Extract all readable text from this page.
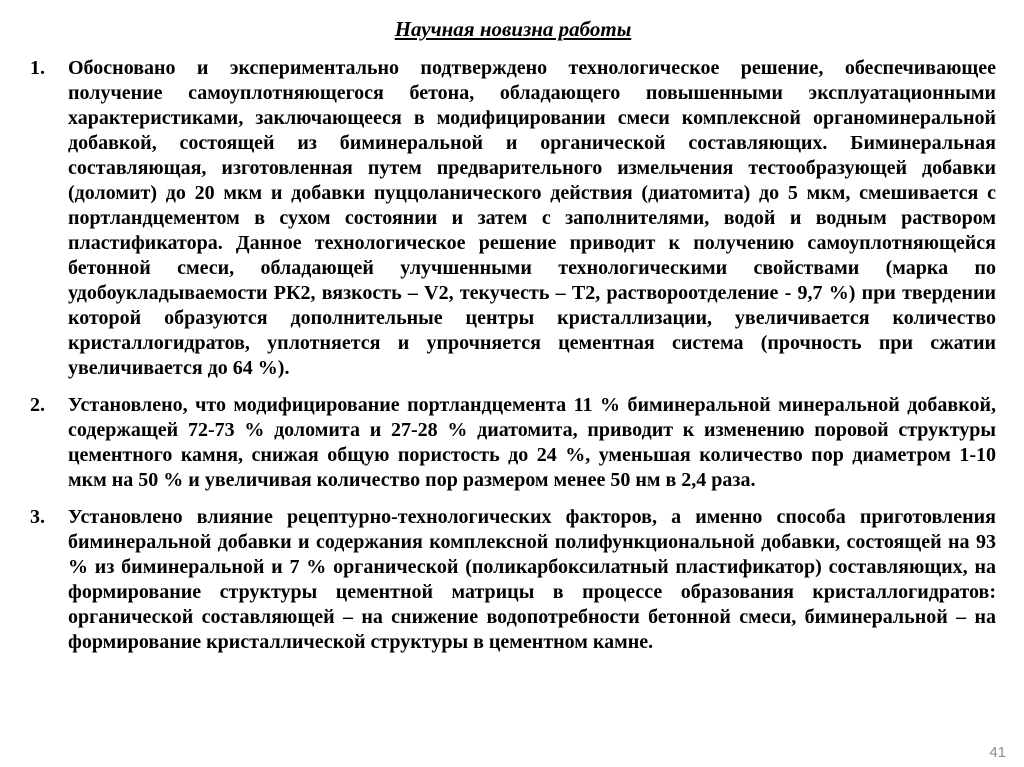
Научная новизна работы
1.	Обосновано и экспериментально подтверждено технологическое решение, обеспечивающее получение самоуплотняющегося бетона, обладающего повышенными эксплуатационными характеристиками, заключающееся в модифицировании смеси комплексной органоминеральной добавкой, состоящей из биминеральной и органической составляющих. Биминеральная составляющая, изготовленная путем предварительного измельчения тестообразующей добавки (доломит) до 20 мкм и добавки пуццоланического действия (диатомита) до 5 мкм, смешивается с портландцементом в сухом состоянии и затем с заполнителями, водой и водным раствором пластификатора. Данное технологическое решение приводит к получению самоуплотняющейся бетонной смеси, обладающей улучшенными технологическими свойствами (марка по удобоукладываемости РК2, вязкость – V2, текучесть – Т2, раствороотделение - 9,7 %) при твердении которой образуются дополнительные центры кристаллизации, увеличивается количество кристаллогидратов, уплотняется и упрочняется цементная система (прочность при сжатии увеличивается до 64 %).
2.	Установлено, что модифицирование портландцемента 11 % биминеральной минеральной добавкой, содержащей 72-73 % доломита и 27-28 % диатомита, приводит к изменению поровой структуры цементного камня, снижая общую пористость до 24 %, уменьшая количество пор диаметром 1-10 мкм на 50 % и увеличивая количество пор размером менее 50 нм в 2,4 раза.
3.	Установлено влияние рецептурно-технологических факторов, а именно способа приготовления биминеральной добавки и содержания комплексной полифункциональной добавки, состоящей на 93 % из биминеральной и 7 % органической (поликарбоксилатный пластификатор) составляющих, на формирование структуры цементной матрицы в процессе образования кристаллогидратов: органической составляющей – на снижение водопотребности бетонной смеси, биминеральной – на формирование кристаллической структуры в цементном камне.
41
